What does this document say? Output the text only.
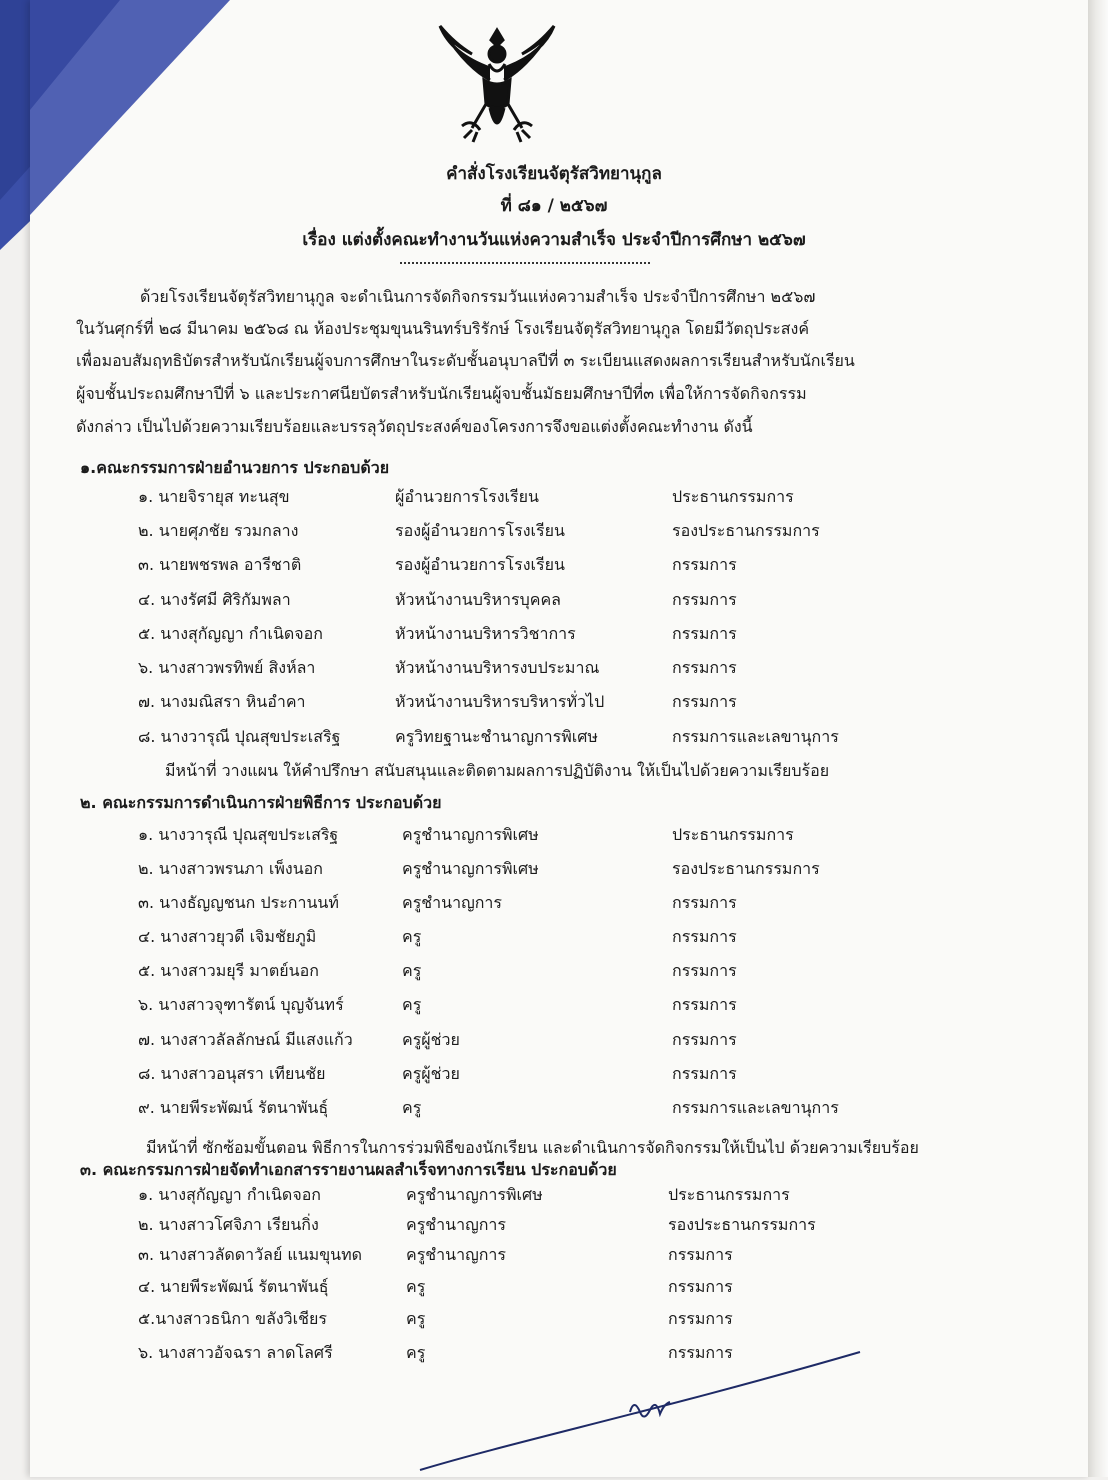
คำสั่งโรงเรียนจัตุรัสวิทยานุกูล
ที่ ๘๑ / ๒๕๖๗
เรื่อง แต่งตั้งคณะทำงานวันแห่งความสำเร็จ ประจำปีการศึกษา ๒๕๖๗
ด้วยโรงเรียนจัตุรัสวิทยานุกูล จะดำเนินการจัดกิจกรรมวันแห่งความสำเร็จ ประจำปีการศึกษา ๒๕๖๗
ในวันศุกร์ที่ ๒๘ มีนาคม ๒๕๖๘ ณ ห้องประชุมขุนนรินทร์บริรักษ์ โรงเรียนจัตุรัสวิทยานุกูล โดยมีวัตถุประสงค์
เพื่อมอบสัมฤทธิบัตรสำหรับนักเรียนผู้จบการศึกษาในระดับชั้นอนุบาลปีที่ ๓ ระเบียนแสดงผลการเรียนสำหรับนักเรียน
ผู้จบชั้นประถมศึกษาปีที่ ๖ และประกาศนียบัตรสำหรับนักเรียนผู้จบชั้นมัธยมศึกษาปีที่๓ เพื่อให้การจัดกิจกรรม
ดังกล่าว เป็นไปด้วยความเรียบร้อยและบรรลุวัตถุประสงค์ของโครงการจึงขอแต่งตั้งคณะทำงาน ดังนี้
๑.คณะกรรมการฝ่ายอำนวยการ ประกอบด้วย
๑. นายจิรายุส ทะนสุข	ผู้อำนวยการโรงเรียน	ประธานกรรมการ
๒. นายศุภชัย รวมกลาง	รองผู้อำนวยการโรงเรียน	รองประธานกรรมการ
๓. นายพชรพล อารีชาติ	รองผู้อำนวยการโรงเรียน	กรรมการ
๔. นางรัศมี ศิริกัมพลา	หัวหน้างานบริหารบุคคล	กรรมการ
๕. นางสุกัญญา กำเนิดจอก	หัวหน้างานบริหารวิชาการ	กรรมการ
๖. นางสาวพรทิพย์ สิงห์ลา	หัวหน้างานบริหารงบประมาณ	กรรมการ
๗. นางมณิสรา หินอำคา	หัวหน้างานบริหารบริหารทั่วไป	กรรมการ
๘. นางวารุณี ปุณสุขประเสริฐ	ครูวิทยฐานะชำนาญการพิเศษ	กรรมการและเลขานุการ
มีหน้าที่ วางแผน ให้คำปรึกษา สนับสนุนและติดตามผลการปฏิบัติงาน ให้เป็นไปด้วยความเรียบร้อย
๒. คณะกรรมการดำเนินการฝ่ายพิธีการ ประกอบด้วย
๑. นางวารุณี ปุณสุขประเสริฐ	ครูชำนาญการพิเศษ	ประธานกรรมการ
๒. นางสาวพรนภา เพ็งนอก	ครูชำนาญการพิเศษ	รองประธานกรรมการ
๓. นางธัญญชนก ประกานนท์	ครูชำนาญการ	กรรมการ
๔. นางสาวยุวดี เจิมชัยภูมิ	ครู	กรรมการ
๕. นางสาวมยุรี มาตย์นอก	ครู	กรรมการ
๖. นางสาวจุฑารัตน์ บุญจันทร์	ครู	กรรมการ
๗. นางสาวลัลลักษณ์ มีแสงแก้ว	ครูผู้ช่วย	กรรมการ
๘. นางสาวอนุสรา เทียนชัย	ครูผู้ช่วย	กรรมการ
๙. นายพีระพัฒน์ รัตนาพันธุ์	ครู	กรรมการและเลขานุการ
มีหน้าที่ ซักซ้อมขั้นตอน พิธีการในการร่วมพิธีของนักเรียน และดำเนินการจัดกิจกรรมให้เป็นไป ด้วยความเรียบร้อย
๓. คณะกรรมการฝ่ายจัดทำเอกสารรายงานผลสำเร็จทางการเรียน ประกอบด้วย
๑. นางสุกัญญา กำเนิดจอก	ครูชำนาญการพิเศษ	ประธานกรรมการ
๒. นางสาวโศจิภา เรียนกิ่ง	ครูชำนาญการ	รองประธานกรรมการ
๓. นางสาวลัดดาวัลย์ แนมขุนทด	ครูชำนาญการ	กรรมการ
๔. นายพีระพัฒน์ รัตนาพันธุ์	ครู	กรรมการ
๕.นางสาวธนิกา ขลังวิเชียร	ครู	กรรมการ
๖. นางสาวอัจฉรา ลาดโลศรี	ครู	กรรมการ
